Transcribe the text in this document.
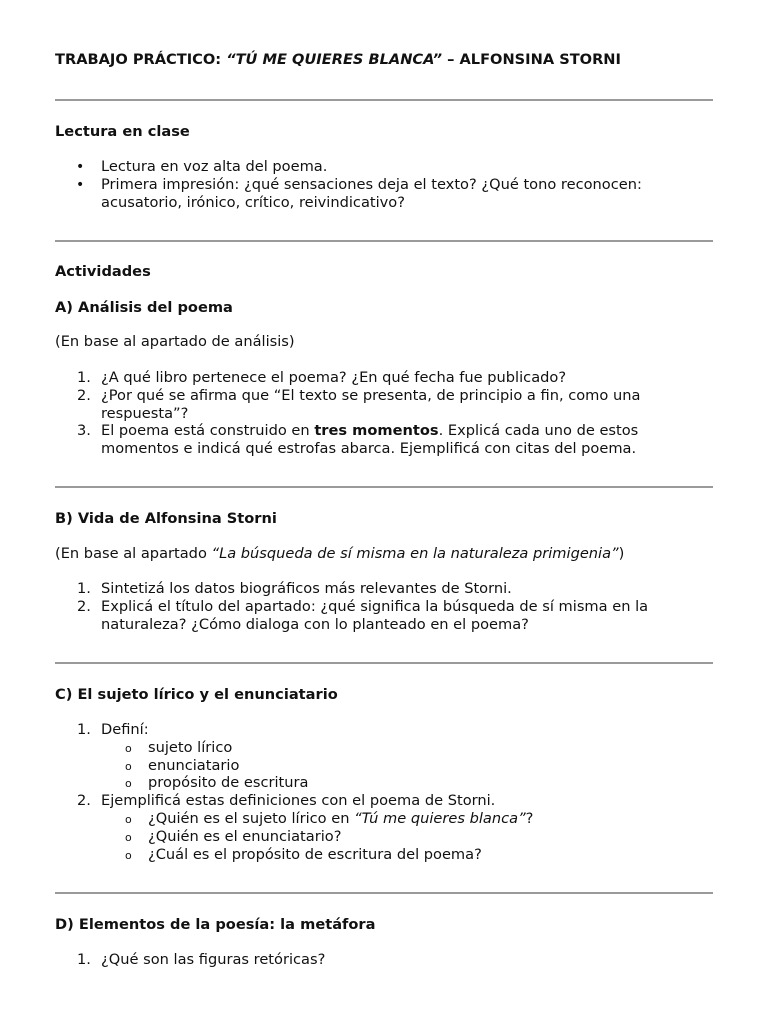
TRABAJO PRÁCTICO: “TÚ ME QUIERES BLANCA” – ALFONSINA STORNI
Lectura en clase
• Lectura en voz alta del poema.
• Primera impresión: ¿qué sensaciones deja el texto? ¿Qué tono reconocen:
acusatorio, irónico, crítico, reivindicativo?
Actividades
A) Análisis del poema
(En base al apartado de análisis)
1. ¿A qué libro pertenece el poema? ¿En qué fecha fue publicado?
2. ¿Por qué se afirma que “El texto se presenta, de principio a fin, como una
respuesta”?
3. El poema está construido en tres momentos. Explicá cada uno de estos
momentos e indicá qué estrofas abarca. Ejemplificá con citas del poema.
B) Vida de Alfonsina Storni
(En base al apartado “La búsqueda de sí misma en la naturaleza primigenia”)
1. Sintetizá los datos biográficos más relevantes de Storni.
2. Explicá el título del apartado: ¿qué significa la búsqueda de sí misma en la
naturaleza? ¿Cómo dialoga con lo planteado en el poema?
C) El sujeto lírico y el enunciatario
1. Definí:
o sujeto lírico
o enunciatario
o propósito de escritura
2. Ejemplificá estas definiciones con el poema de Storni.
o ¿Quién es el sujeto lírico en “Tú me quieres blanca”?
o ¿Quién es el enunciatario?
o ¿Cuál es el propósito de escritura del poema?
D) Elementos de la poesía: la metáfora
1. ¿Qué son las figuras retóricas?
